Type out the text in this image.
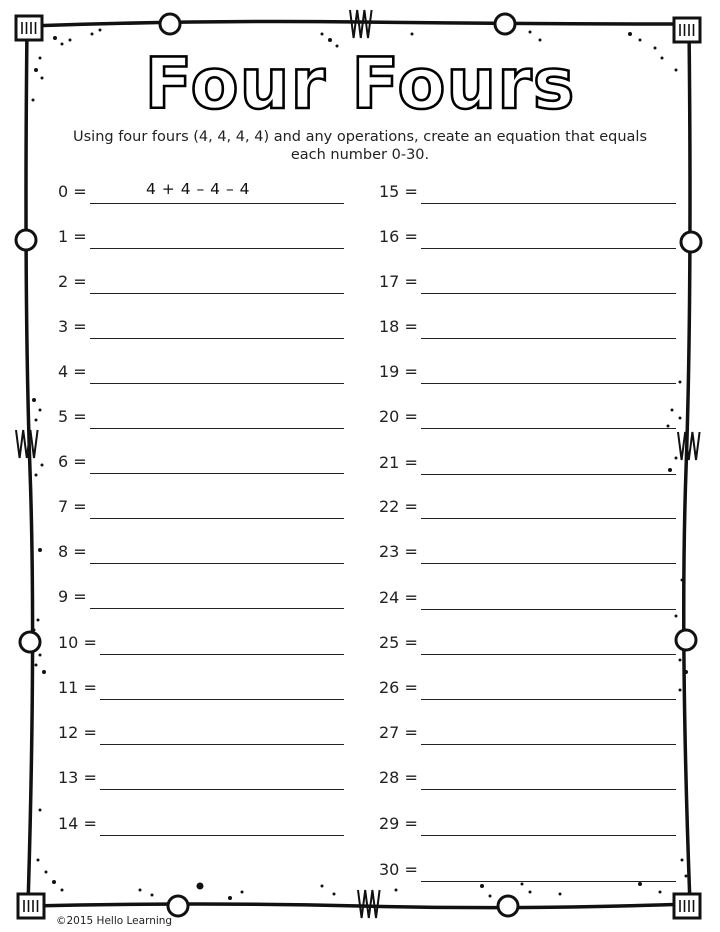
Four Fours
Using four fours (4, 4, 4, 4) and any operations, create an equation that equals each number 0-30.
0 =	4 + 4 – 4 – 4
1 =
2 =
3 =
4 =
5 =
6 =
7 =
8 =
9 =
10 =
11 =
12 =
13 =
14 =
15 =
16 =
17 =
18 =
19 =
20 =
21 =
22 =
23 =
24 =
25 =
26 =
27 =
28 =
29 =
30 =
©2015 Hello Learning
